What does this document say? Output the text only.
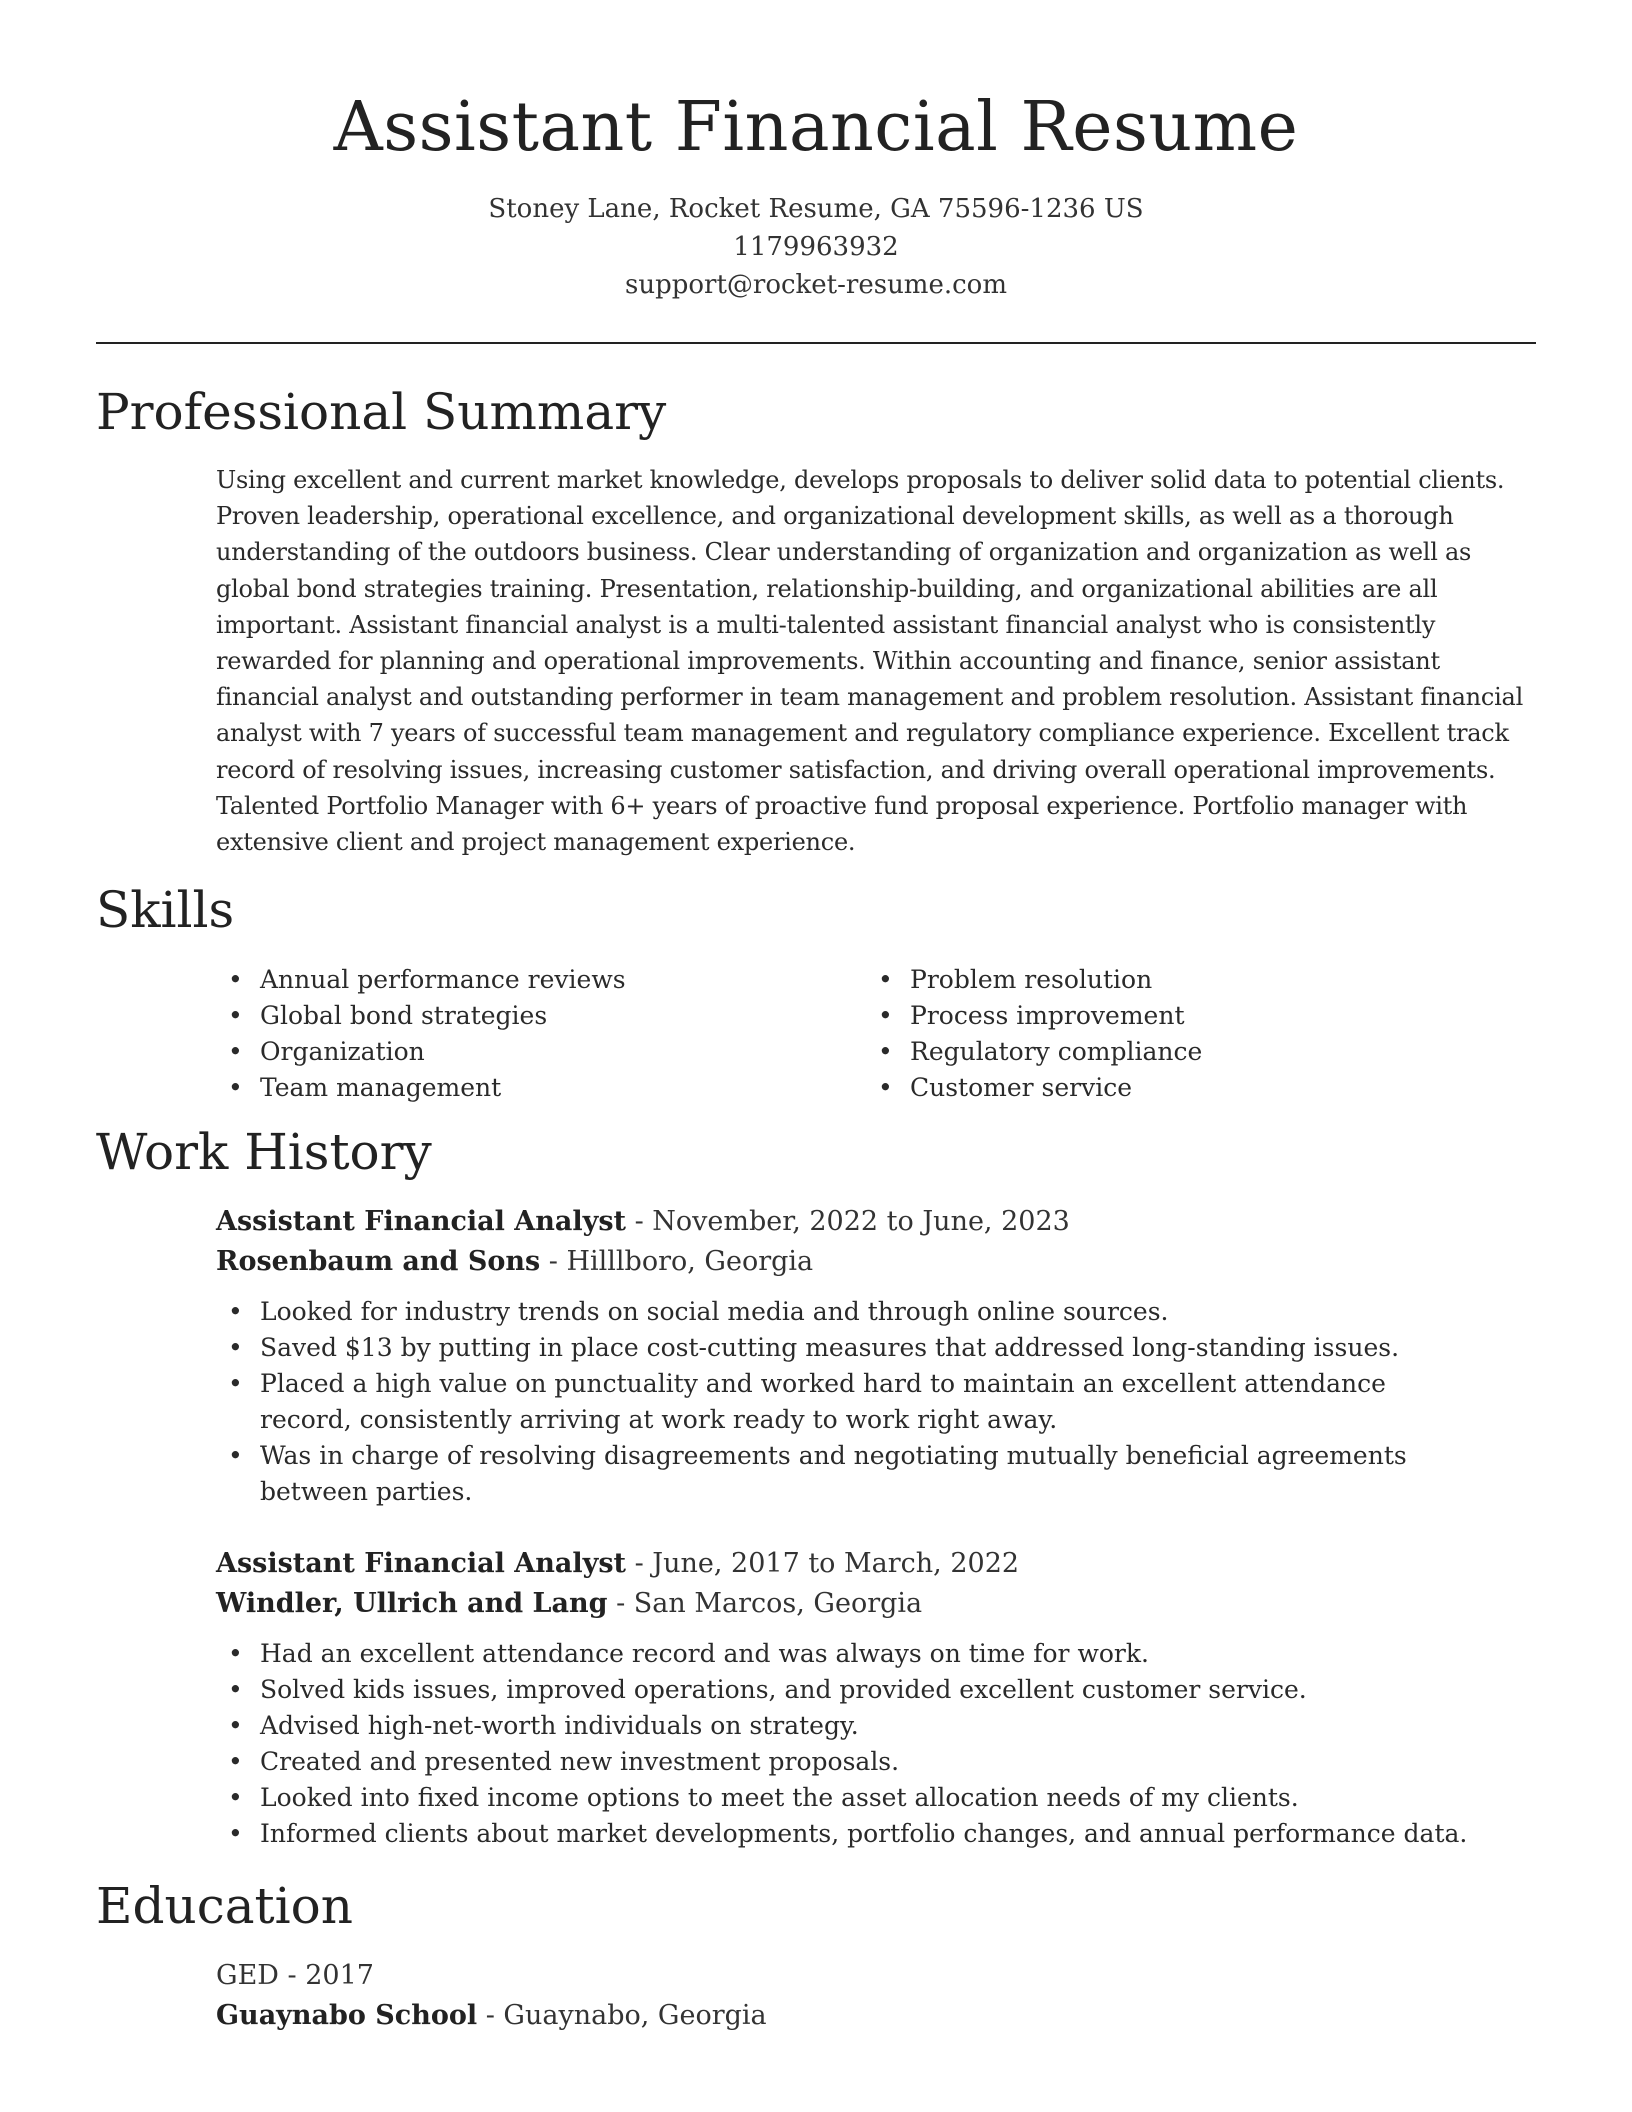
Assistant Financial Resume
Stoney Lane, Rocket Resume, GA 75596-1236 US
1179963932
support@rocket-resume.com
Professional Summary

Using excellent and current market knowledge, develops proposals to deliver solid data to potential clients. Proven leadership, operational excellence, and organizational development skills, as well as a thorough understanding of the outdoors business. Clear understanding of organization and organization as well as global bond strategies training. Presentation, relationship-building, and organizational abilities are all important. Assistant financial analyst is a multi-talented assistant financial analyst who is consistently rewarded for planning and operational improvements. Within accounting and finance, senior assistant financial analyst and outstanding performer in team management and problem resolution. Assistant financial analyst with 7 years of successful team management and regulatory compliance experience. Excellent track record of resolving issues, increasing customer satisfaction, and driving overall operational improvements. Talented Portfolio Manager with 6+ years of proactive fund proposal experience. Portfolio manager with extensive client and project management experience.

Skills
• Annual performance reviews
• Global bond strategies
• Organization
• Team management
• Problem resolution
• Process improvement
• Regulatory compliance
• Customer service
Work History
Assistant Financial Analyst - November, 2022 to June, 2023
Rosenbaum and Sons - Hilllboro, Georgia
• Looked for industry trends on social media and through online sources.
• Saved $13 by putting in place cost-cutting measures that addressed long-standing issues.
• Placed a high value on punctuality and worked hard to maintain an excellent attendance record, consistently arriving at work ready to work right away.
• Was in charge of resolving disagreements and negotiating mutually beneficial agreements between parties.
Assistant Financial Analyst - June, 2017 to March, 2022
Windler, Ullrich and Lang - San Marcos, Georgia
• Had an excellent attendance record and was always on time for work.
• Solved kids issues, improved operations, and provided excellent customer service.
• Advised high-net-worth individuals on strategy.
• Created and presented new investment proposals.
• Looked into fixed income options to meet the asset allocation needs of my clients.
• Informed clients about market developments, portfolio changes, and annual performance data.
Education
GED - 2017
Guaynabo School - Guaynabo, Georgia
